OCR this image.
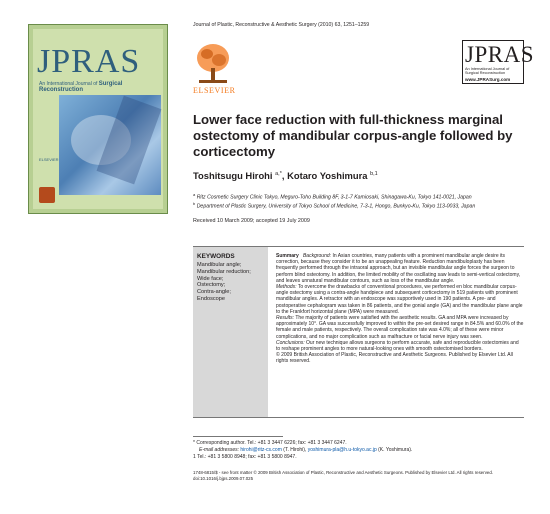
JPRAS
An International Journal of Surgical Reconstruction
ELSEVIER
Journal of Plastic, Reconstructive & Aesthetic Surgery (2010) 63, 1251–1259
ELSEVIER
JPRAS
An International Journal of
Surgical Reconstruction
www.JPRASurg.com
Lower face reduction with full-thickness marginal ostectomy of mandibular corpus-angle followed by corticectomy
Toshitsugu Hirohi $^{a,*}$, Kotaro Yoshimura $^{b,1}$
$^a$ Ritz Cosmetic Surgery Clinic Tokyo, Meguro-Toho Building 8F, 3-1-7 Kamiosaki, Shinagawa-Ku, Tokyo 141-0021, Japan
$^b$ Department of Plastic Surgery, University of Tokyo School of Medicine, 7-3-1, Hongo, Bunkyo-Ku, Tokyo 113-0033, Japan
Received 10 March 2009; accepted 19 July 2009
KEYWORDS
Mandibular angle;
Mandibular reduction;
Wide face;
Ostectomy;
Contra-angle;
Endoscope

Summary Background: In Asian countries, many patients with a prominent mandibular angle desire its correction, because they consider it to be an unappealing feature. Reduction mandibuloplasty has been frequently performed through the intraoral approach, but an invisible mandibular angle forces the surgeon to perform blind osteotomy. In addition, the limited mobility of the oscillating saw leads to semi-vertical ostectomy, and leaves unnatural mandibular contours, such as loss of the mandibular angle.

Methods: To overcome the drawbacks of conventional procedures, we performed en bloc mandibular corpus-angle ostectomy using a contra-angle handpiece and subsequent corticectomy in 519 patients with prominent mandibular angles. A retractor with an endoscope was supportively used in 190 patients. A pre- and postoperative cephalogram was taken in 86 patients, and the gonial angle (GA) and the mandibular plane angle to the Frankfort horizontal plane (MPA) were measured.

Results: The majority of patients were satisfied with the aesthetic results. GA and MPA were increased by approximately 10°. GA was successfully improved to within the pre-set desired range in 84.5% and 60.0% of the female and male patients, respectively. The overall complication rate was 4.0%; all of these were minor complications, and no major complication such as malfracture or facial nerve injury was seen.

Conclusions: Our new technique allows surgeons to perform accurate, safe and reproducible ostectomies and to reshape prominent angles to more natural-looking ones with smooth ostectomised borders.

© 2009 British Association of Plastic, Reconstructive and Aesthetic Surgeons. Published by Elsevier Ltd. All rights reserved.

* Corresponding author. Tel.: +81 3 3447 6226; fax: +81 3 3447 6247.
E-mail addresses: hirohi@ritz-cs.com (T. Hirohi), yoshimura-pla@h.u-tokyo.ac.jp (K. Yoshimura).
1 Tel.: +81 3 5800 8948; fax: +81 3 5800 8947.
1748-6815/$ - see front matter © 2009 British Association of Plastic, Reconstructive and Aesthetic Surgeons. Published by Elsevier Ltd. All rights reserved.
doi:10.1016/j.bjps.2009.07.025
